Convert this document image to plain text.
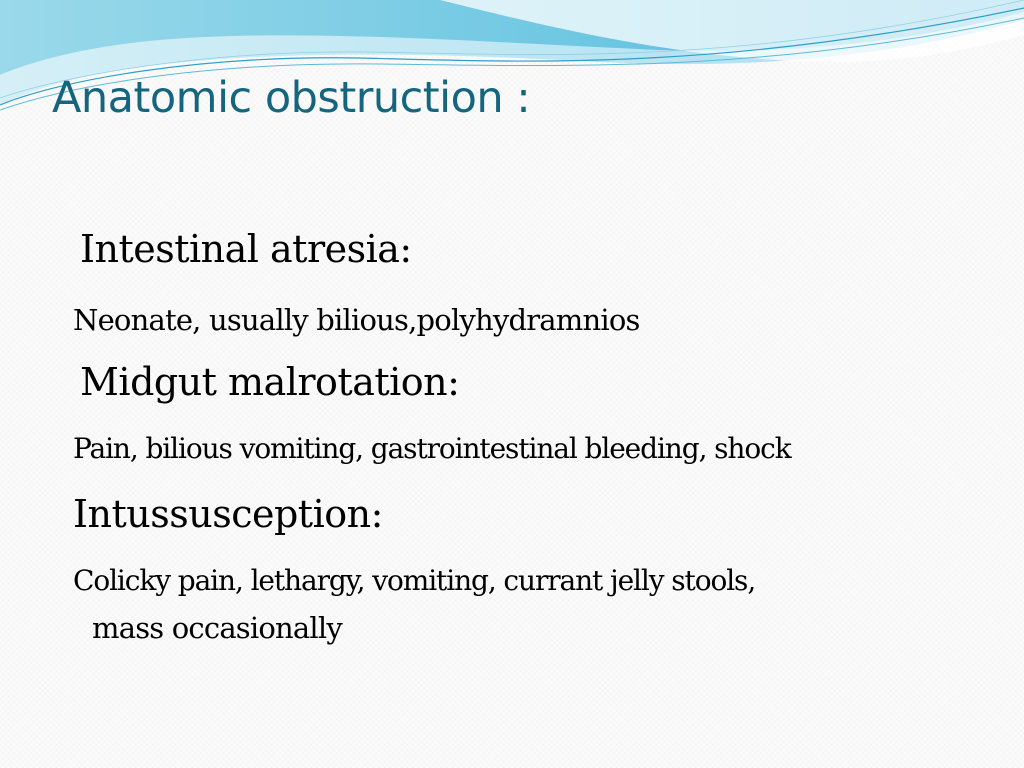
Anatomic obstruction :

Intestinal atresia:

Neonate, usually bilious,polyhydramnios

Midgut malrotation:

Pain, bilious vomiting, gastrointestinal bleeding, shock

Intussusception:

Colicky pain, lethargy, vomiting, currant jelly stools,

mass occasionally
